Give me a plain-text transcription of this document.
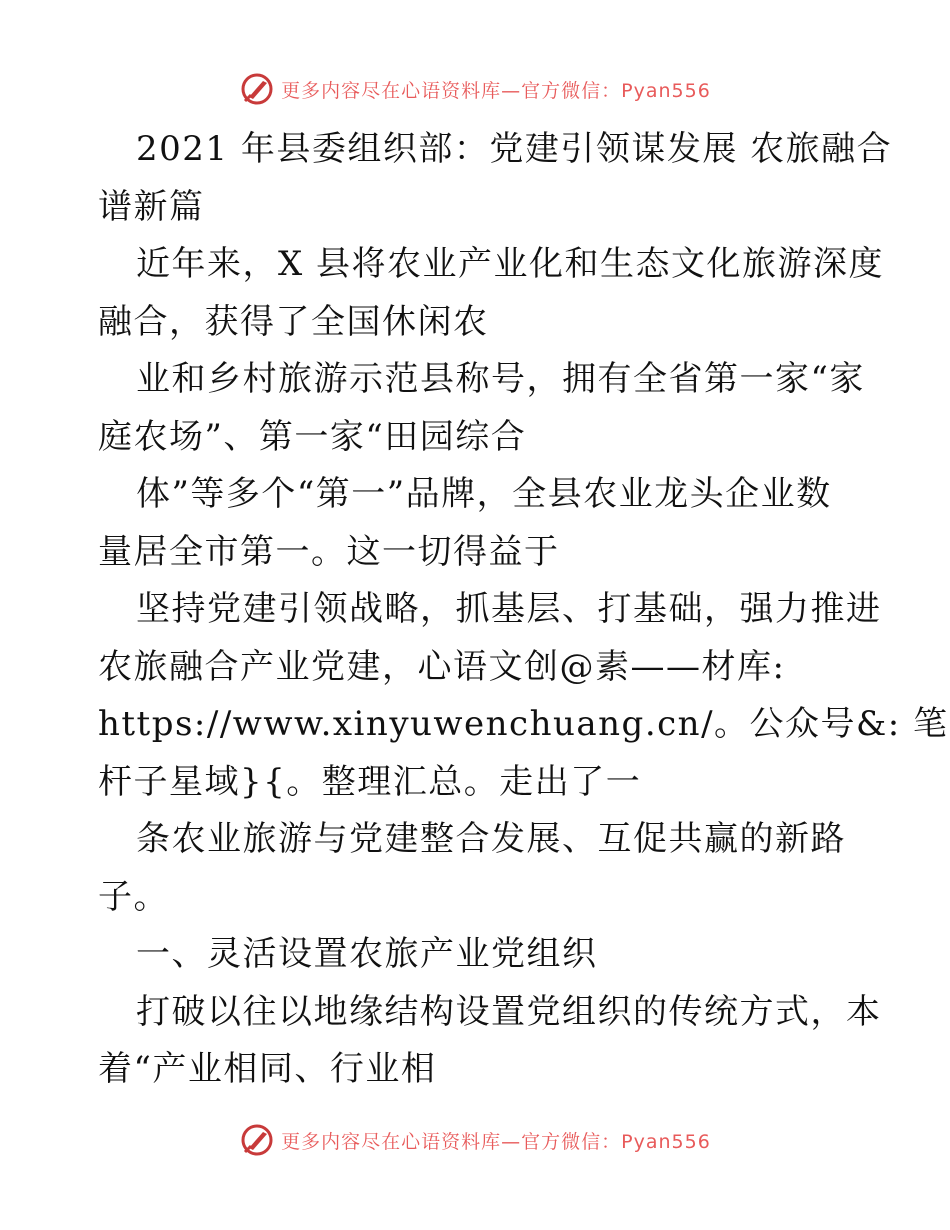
更多内容尽在心语资料库—官方微信：Pyan556
2021 年县委组织部：党建引领谋发展 农旅融合
谱新篇
近年来，X 县将农业产业化和生态文化旅游深度
融合，获得了全国休闲农
业和乡村旅游示范县称号，拥有全省第一家“家
庭农场”、第一家“田园综合
体”等多个“第一”品牌，全县农业龙头企业数
量居全市第一。这一切得益于
坚持党建引领战略，抓基层、打基础，强力推进
农旅融合产业党建，心语文创@素——材库:
https://www.xinyuwenchuang.cn/。公众号&: 笔
杆子星域}{。整理汇总。走出了一
条农业旅游与党建整合发展、互促共赢的新路
子。
一、灵活设置农旅产业党组织
打破以往以地缘结构设置党组织的传统方式，本
着“产业相同、行业相
更多内容尽在心语资料库—官方微信：Pyan556
